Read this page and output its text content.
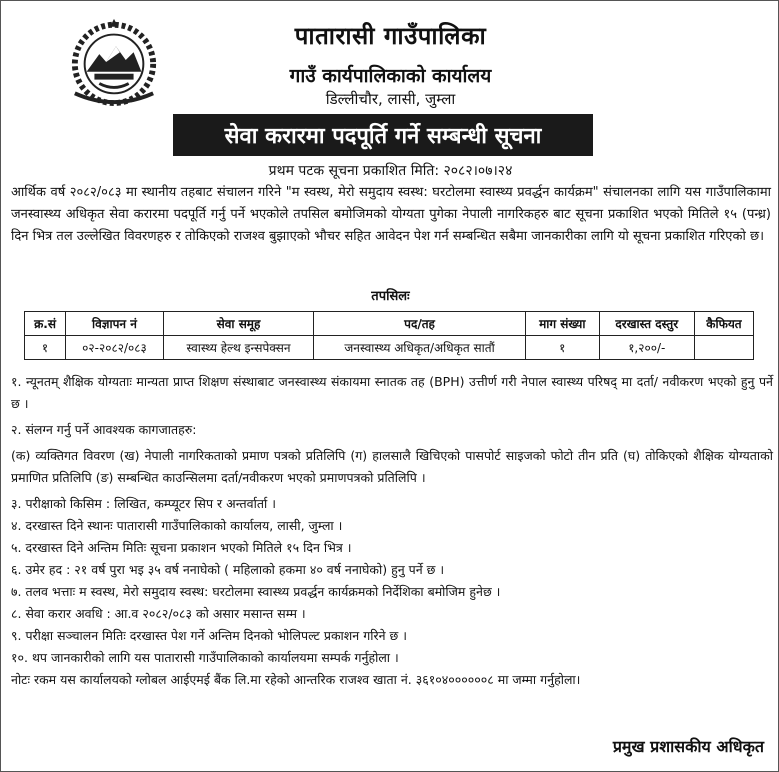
पातारासी गाउँपालिका
गाउँ कार्यपालिकाको कार्यालय
डिल्लीचौर, लासी, जुम्ला
सेवा करारमा पदपूर्ति गर्ने सम्बन्धी सूचना
प्रथम पटक सूचना प्रकाशित मिति: २०८२।०७।२४
आर्थिक वर्ष २०८२/०८३ मा स्थानीय तहबाट संचालन गरिने "म स्वस्थ, मेरो समुदाय स्वस्थ: घरटोलमा स्वास्थ्य प्रवर्द्धन कार्यक्रम" संचालनका लागि यस गाउँपालिकामा जनस्वास्थ्य अधिकृत सेवा करारमा पदपूर्ति गर्नु पर्ने भएकोले तपसिल बमोजिमको योग्यता पुगेका नेपाली नागरिकहरु बाट सूचना प्रकाशित भएको मितिले १५ (पन्ध्र) दिन भित्र तल उल्लेखित विवरणहरु र तोकिएको राजश्व बुझाएको भौचर सहित आवेदन पेश गर्न सम्बन्धित सबैमा जानकारीका लागि यो सूचना प्रकाशित गरिएको छ।
तपसिलः
क्र.सं	विज्ञापन नं	सेवा समूह	पद/तह	माग संख्या	दरखास्त दस्तुर	कैफियत
१	०२-२०८२/०८३	स्वास्थ्य हेल्थ इन्सपेक्सन	जनस्वास्थ्य अधिकृत/अधिकृत सातौं	१	१,२००/-	
१. न्यूनतम् शैक्षिक योग्यताः मान्यता प्राप्त शिक्षण संस्थाबाट जनस्वास्थ्य संकायमा स्नातक तह (BPH) उत्तीर्ण गरी नेपाल स्वास्थ्य परिषद् मा दर्ता/ नवीकरण भएको हुनु पर्ने छ ।
२. संलग्न गर्नु पर्ने आवश्यक कागजातहरु:
(क) व्यक्तिगत विवरण (ख) नेपाली नागरिकताको प्रमाण पत्रको प्रतिलिपि (ग) हालसालै खिचिएको पासपोर्ट साइजको फोटो तीन प्रति (घ) तोकिएको शैक्षिक योग्यताको प्रमाणित प्रतिलिपि (ङ) सम्बन्धित काउन्सिलमा दर्ता/नवीकरण भएको प्रमाणपत्रको प्रतिलिपि ।
३. परीक्षाको किसिम : लिखित, कम्प्यूटर सिप र अन्तर्वार्ता ।
४. दरखास्त दिने स्थानः पातारासी गाउँपालिकाको कार्यालय, लासी, जुम्ला ।
५. दरखास्त दिने अन्तिम मितिः सूचना प्रकाशन भएको मितिले १५ दिन भित्र ।
६. उमेर हद : २१ वर्ष पुरा भइ ३५ वर्ष ननाघेको ( महिलाको हकमा ४० वर्ष ननाघेको) हुनु पर्ने छ ।
७. तलव भत्ताः म स्वस्थ, मेरो समुदाय स्वस्थ: घरटोलमा स्वास्थ्य प्रवर्द्धन कार्यक्रमको निर्देशिका बमोजिम हुनेछ ।
८. सेवा करार अवधि : आ.व २०८२/०८३ को असार मसान्त सम्म ।
९. परीक्षा सञ्चालन मितिः दरखास्त पेश गर्ने अन्तिम दिनको भोलिपल्ट प्रकाशन गरिने छ ।
१०. थप जानकारीको लागि यस पातारासी गाउँपालिकाको कार्यालयमा सम्पर्क गर्नुहोला ।
नोटः रकम यस कार्यालयको ग्लोबल आईएमई बैंक लि.मा रहेको आन्तरिक राजश्व खाता नं. ३६१०४००००००८ मा जम्मा गर्नुहोला।
प्रमुख प्रशासकीय अधिकृत
